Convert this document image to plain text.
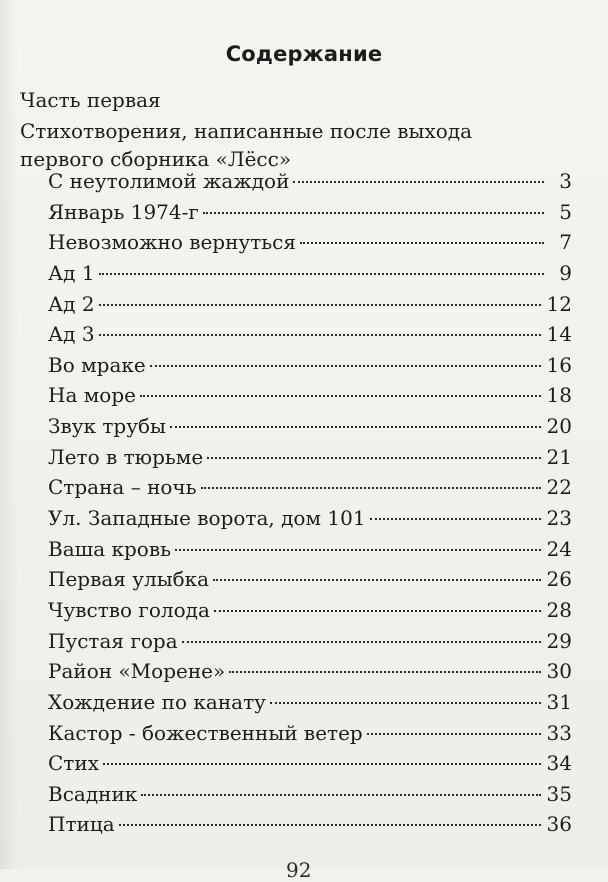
Содержание
Часть первая
Стихотворения, написанные после выхода
первого сборника «Лёсс»
С неутолимой жаждой	3
Январь 1974-г	5
Невозможно вернуться	7
Ад 1	9
Ад 2	12
Ад 3	14
Во мраке	16
На море	18
Звук трубы	20
Лето в тюрьме	21
Страна – ночь	22
Ул. Западные ворота, дом 101	23
Ваша кровь	24
Первая улыбка	26
Чувство голода	28
Пустая гора	29
Район «Морене»	30
Хождение по канату	31
Кастор - божественный ветер	33
Стих	34
Всадник	35
Птица	36
92
